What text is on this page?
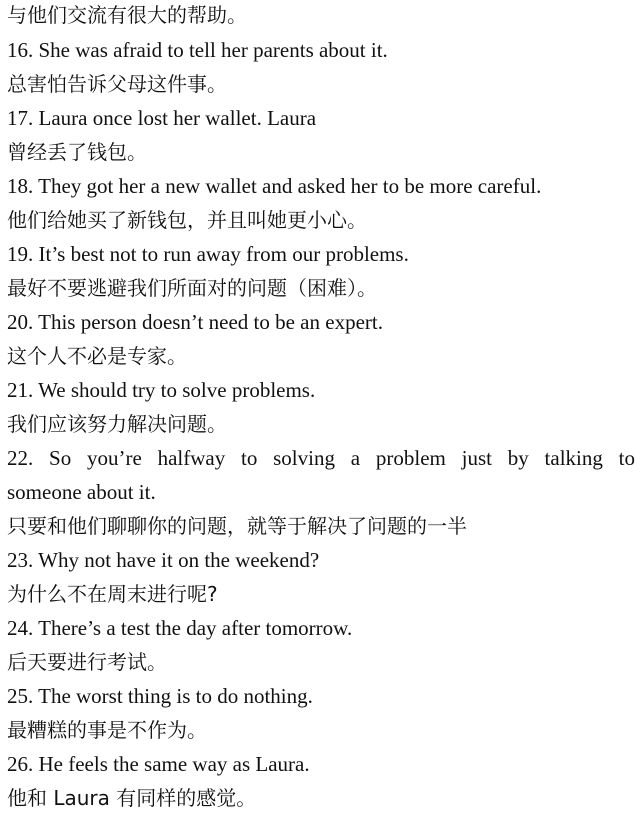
与他们交流有很大的帮助。

16. She was afraid to tell her parents about it.

总害怕告诉父母这件事。

17. Laura once lost her wallet. Laura

曾经丢了钱包。

18. They got her a new wallet and asked her to be more careful.

他们给她买了新钱包，并且叫她更小心。

19. It’s best not to run away from our problems.

最好不要逃避我们所面对的问题（困难）。

20. This person doesn’t need to be an expert.

这个人不必是专家。

21. We should try to solve problems.

我们应该努力解决问题。

22. So you’re halfway to solving a problem just by talking to

someone about it.

只要和他们聊聊你的问题，就等于解决了问题的一半

23. Why not have it on the weekend?

为什么不在周末进行呢?

24. There’s a test the day after tomorrow.

后天要进行考试。

25. The worst thing is to do nothing.

最糟糕的事是不作为。

26. He feels the same way as Laura.

他和 Laura 有同样的感觉。
